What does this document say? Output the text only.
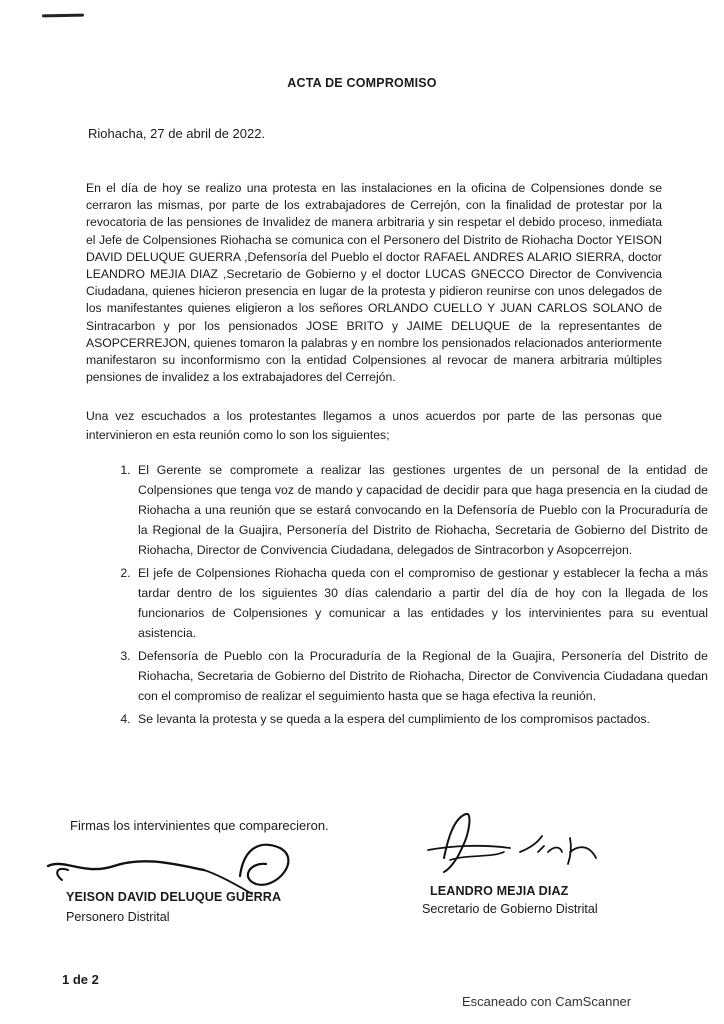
ACTA DE COMPROMISO
Riohacha, 27 de abril de 2022.
En el día de hoy se realizo una protesta en las instalaciones en la oficina de Colpensiones donde se cerraron las mismas, por parte de los extrabajadores de Cerrejón, con la finalidad de protestar por la revocatoria de las pensiones de Invalidez de manera arbitraria y sin respetar el debido proceso, inmediata el Jefe de Colpensiones Riohacha se comunica con el Personero del Distrito de Riohacha Doctor YEISON DAVID DELUQUE GUERRA ,Defensoría del Pueblo el doctor RAFAEL ANDRES ALARIO SIERRA, doctor LEANDRO MEJIA DIAZ ,Secretario de Gobierno y el doctor LUCAS GNECCO Director de Convivencia Ciudadana, quienes hicieron presencia en lugar de la protesta y pidieron reunirse con unos delegados de los manifestantes quienes eligieron a los señores ORLANDO CUELLO Y JUAN CARLOS SOLANO de Sintracarbon y por los pensionados JOSE BRITO y JAIME DELUQUE de la representantes de ASOPCERREJON, quienes tomaron la palabras y en nombre los pensionados relacionados anteriormente manifestaron su inconformismo con la entidad Colpensiones al revocar de manera arbitraria múltiples pensiones de invalidez a los extrabajadores del Cerrejón.
Una vez escuchados a los protestantes llegamos a unos acuerdos por parte de las personas que intervinieron en esta reunión como lo son los siguientes;
1. El Gerente se compromete a realizar las gestiones urgentes de un personal de la entidad de Colpensiones que tenga voz de mando y capacidad de decidir para que haga presencia en la ciudad de Riohacha a una reunión que se estará convocando en la Defensoría de Pueblo con la Procuraduría de la Regional de la Guajira, Personería del Distrito de Riohacha, Secretaria de Gobierno del Distrito de Riohacha, Director de Convivencia Ciudadana, delegados de Sintracorbon y Asopcerrejon.
2. El jefe de Colpensiones Riohacha queda con el compromiso de gestionar y establecer la fecha a más tardar dentro de los siguientes 30 días calendario a partir del día de hoy con la llegada de los funcionarios de Colpensiones y comunicar a las entidades y los intervinientes para su eventual asistencia.
3. Defensoría de Pueblo con la Procuraduría de la Regional de la Guajira, Personería del Distrito de Riohacha, Secretaria de Gobierno del Distrito de Riohacha, Director de Convivencia Ciudadana quedan con el compromiso de realizar el seguimiento hasta que se haga efectiva la reunión.
4. Se levanta la protesta y se queda a la espera del cumplimiento de los compromisos pactados.
Firmas los intervinientes que comparecieron.
YEISON DAVID DELUQUE GUERRA
Personero Distrital
LEANDRO MEJIA DIAZ
Secretario de Gobierno Distrital
1 de 2
Escaneado con CamScanner
